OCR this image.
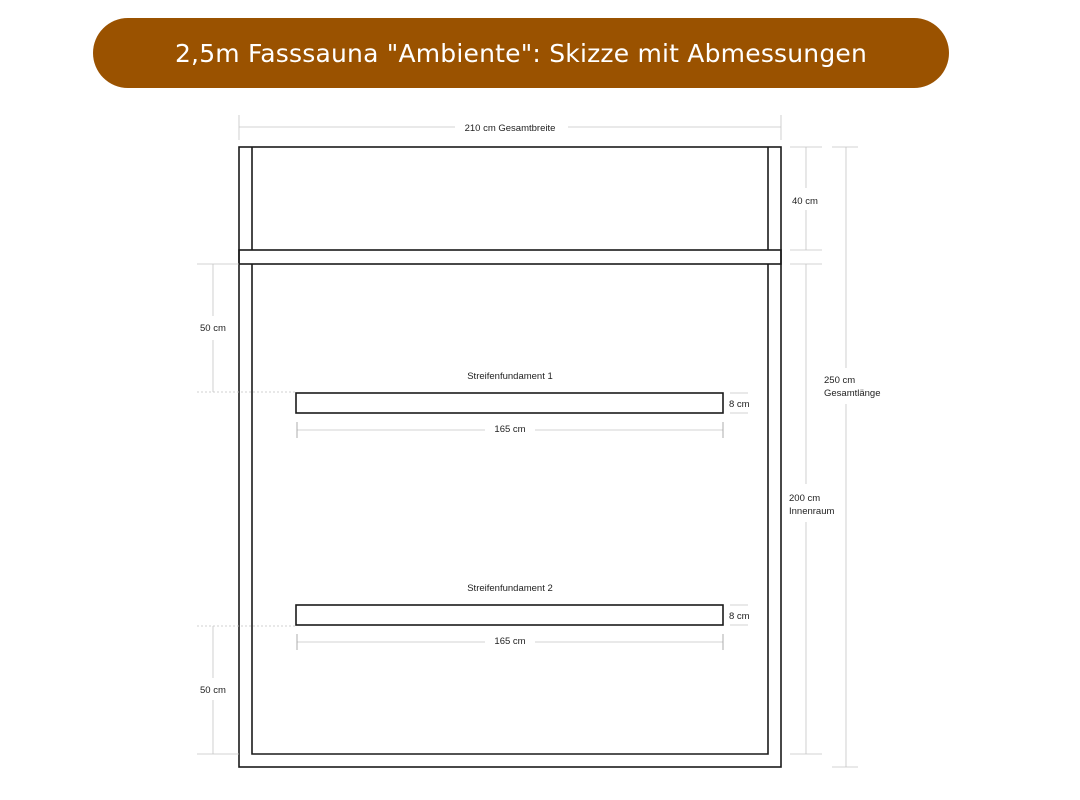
2,5m Fasssauna "Ambiente": Skizze mit Abmessungen
210 cm Gesamtbreite
40 cm
200 cm
Innenraum
250 cm
Gesamtlänge
50 cm
50 cm
Streifenfundament 1
165 cm
8 cm
Streifenfundament 2
165 cm
8 cm
